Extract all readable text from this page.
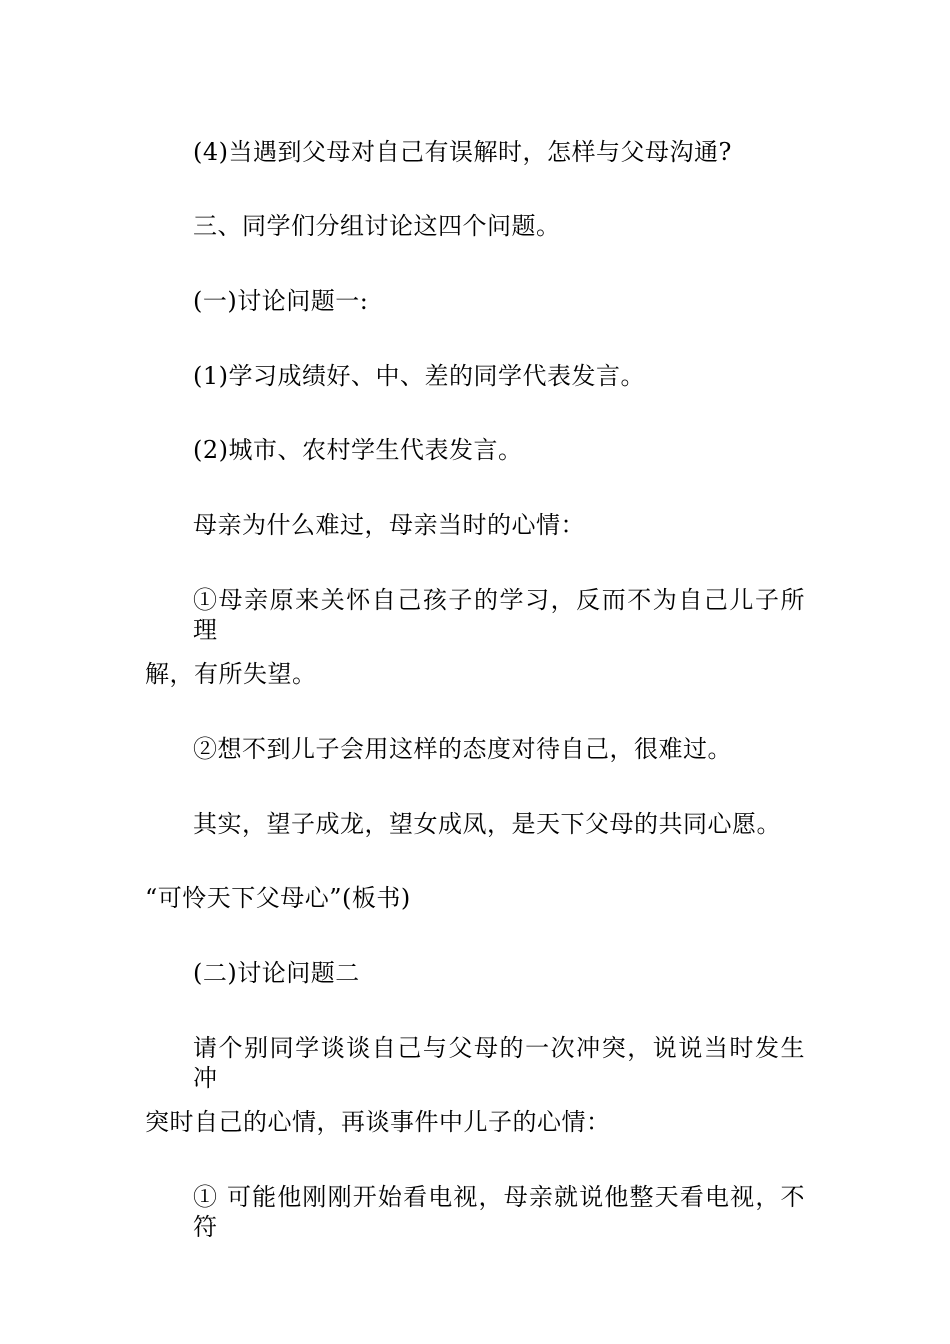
(4)当遇到父母对自己有误解时，怎样与父母沟通?
三、同学们分组讨论这四个问题。
(一)讨论问题一:
(1)学习成绩好、中、差的同学代表发言。
(2)城市、农村学生代表发言。
母亲为什么难过，母亲当时的心情：
①母亲原来关怀自己孩子的学习，反而不为自己儿子所理
解，有所失望。
②想不到儿子会用这样的态度对待自己，很难过。
其实，望子成龙，望女成凤，是天下父母的共同心愿。
“可怜天下父母心”(板书)
(二)讨论问题二
请个别同学谈谈自己与父母的一次冲突，说说当时发生冲
突时自己的心情，再谈事件中儿子的心情：
① 可能他刚刚开始看电视，母亲就说他整天看电视，不符
